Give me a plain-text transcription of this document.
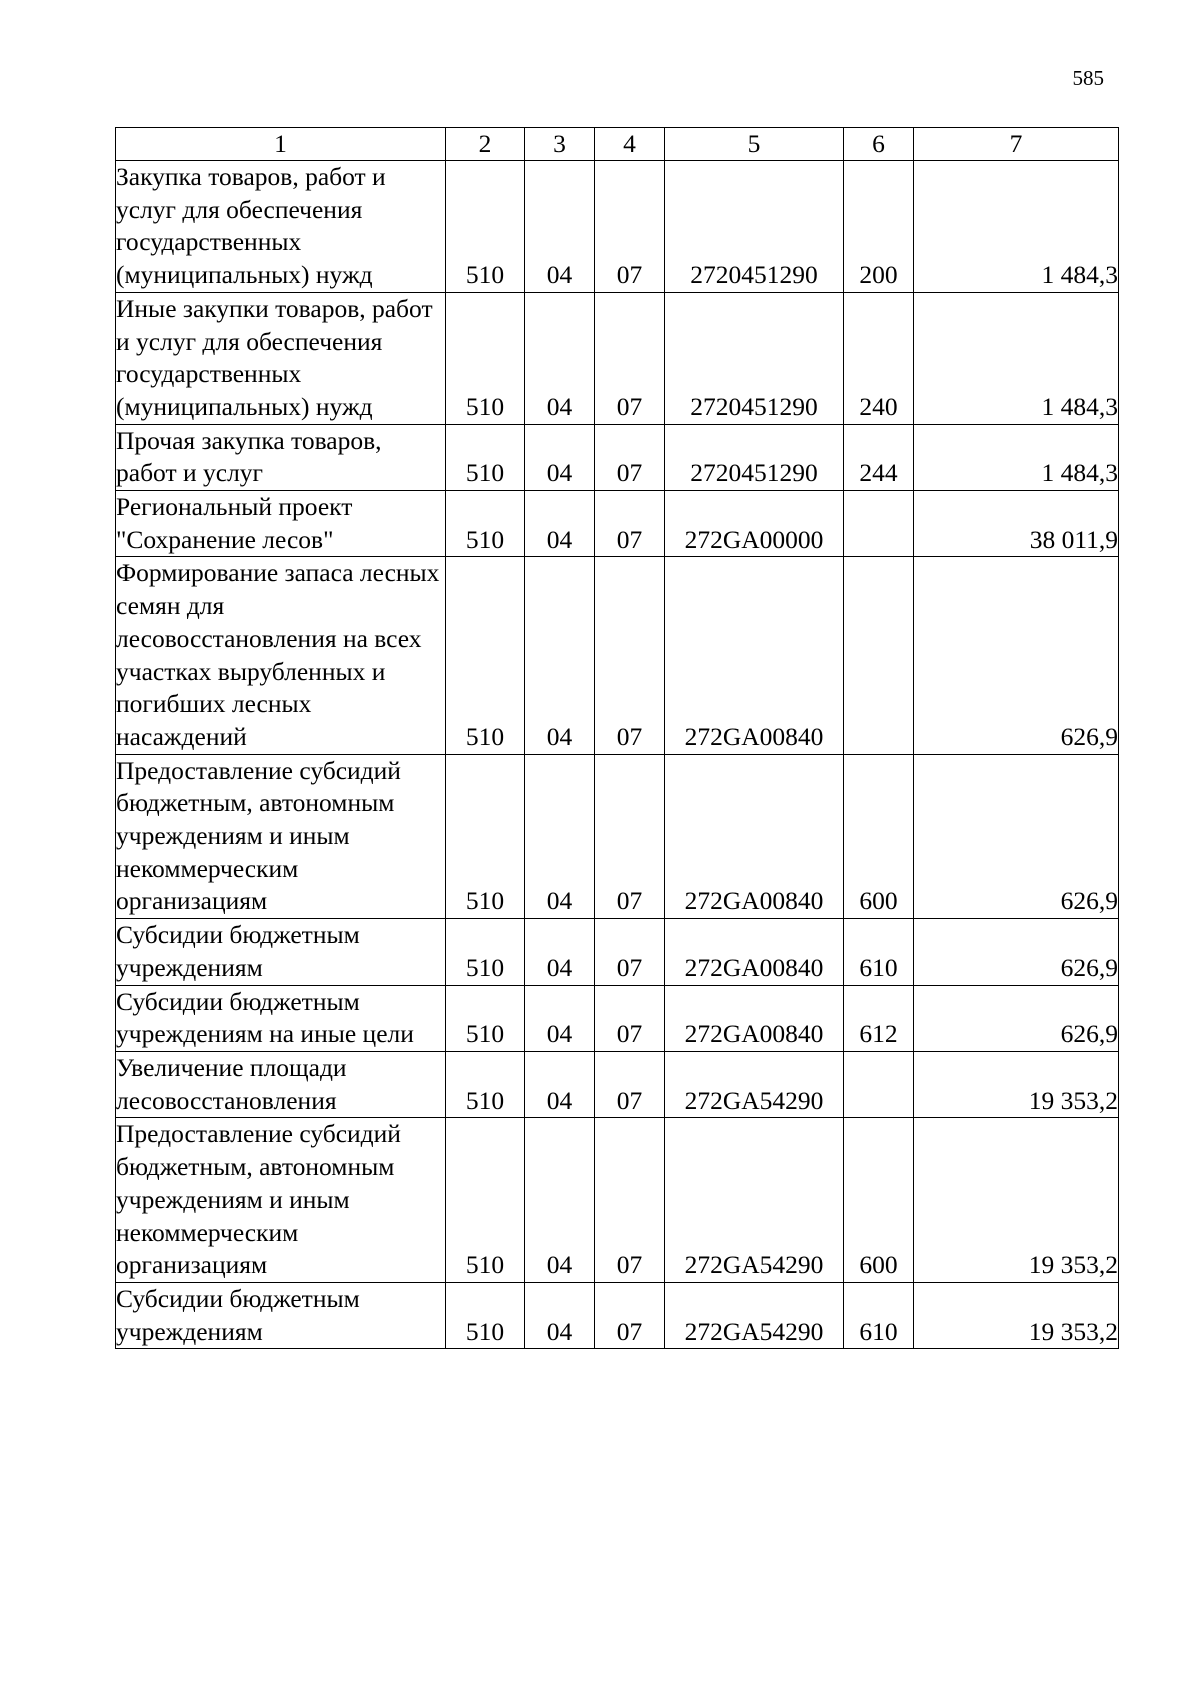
585
1	2	3	4	5	6	7
Закупка товаров, работ и услуг для обеспечения государственных (муниципальных) нужд	510	04	07	2720451290	200	1 484,3
Иные закупки товаров, работ и услуг для обеспечения государственных (муниципальных) нужд	510	04	07	2720451290	240	1 484,3
Прочая закупка товаров, работ и услуг	510	04	07	2720451290	244	1 484,3
Региональный проект "Сохранение лесов"	510	04	07	272GA00000		38 011,9
Формирование запаса лесных семян для лесовосстановления на всех участках вырубленных и погибших лесных насаждений	510	04	07	272GA00840		626,9
Предоставление субсидий бюджетным, автономным учреждениям и иным некоммерческим организациям	510	04	07	272GA00840	600	626,9
Субсидии бюджетным учреждениям	510	04	07	272GA00840	610	626,9
Субсидии бюджетным учреждениям на иные цели	510	04	07	272GA00840	612	626,9
Увеличение площади лесовосстановления	510	04	07	272GA54290		19 353,2
Предоставление субсидий бюджетным, автономным учреждениям и иным некоммерческим организациям	510	04	07	272GA54290	600	19 353,2
Субсидии бюджетным учреждениям	510	04	07	272GA54290	610	19 353,2
